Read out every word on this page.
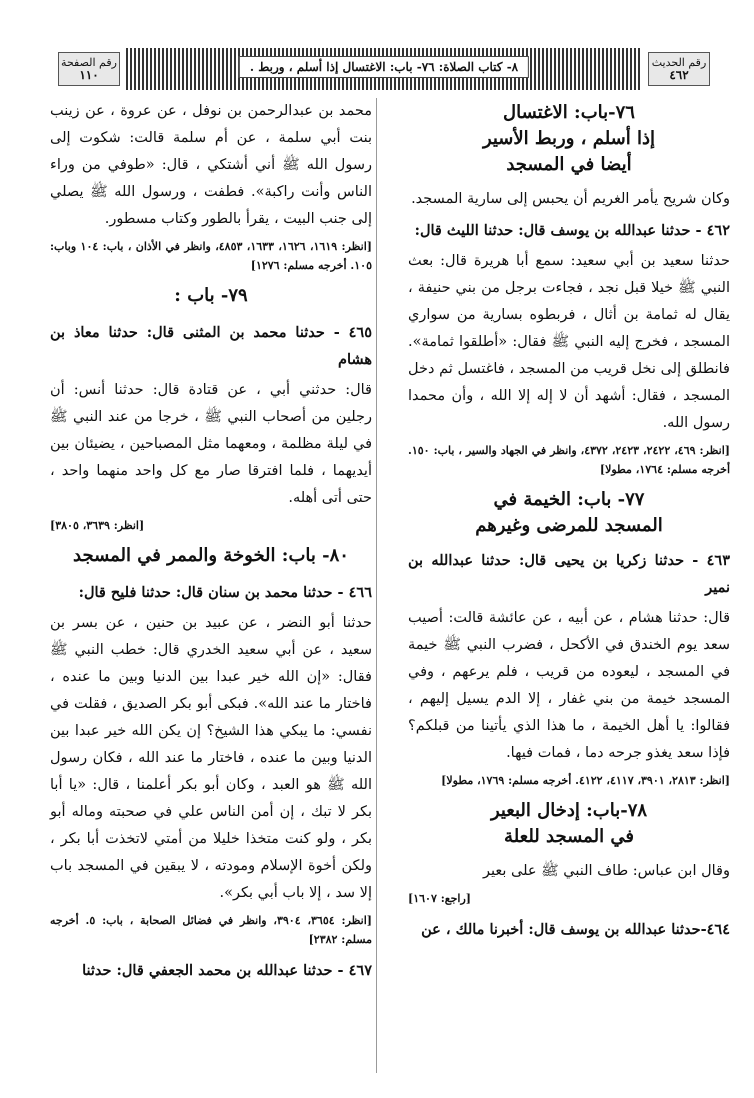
رقم الحديث
٤٦٢
٨- كتاب الصلاة: ٧٦- باب: الاغتسال إذا أسلم ، وربط .
رقم الصفحة
١١٠
٧٦-باب: الاغتسال
إذا أسلم ، وربط الأسير
أيضا في المسجد

وكان شريح يأمر الغريم أن يحبس إلى سارية المسجد.

٤٦٢ - حدثنا عبدالله بن يوسف قال: حدثنا الليث قال:

حدثنا سعيد بن أبي سعيد: سمع أبا هريرة قال: بعث النبي ﷺ خيلا قبل نجد ، فجاءت برجل من بني حنيفة ، يقال له ثمامة بن أثال ، فربطوه بسارية من سواري المسجد ، فخرج إليه النبي ﷺ فقال: «أطلقوا ثمامة». فانطلق إلى نخل قريب من المسجد ، فاغتسل ثم دخل المسجد ، فقال: أشهد أن لا إله إلا الله ، وأن محمدا رسول الله.

[انظر: ٤٦٩، ٢٤٢٢، ٢٤٢٣، ٤٣٧٢، وانظر في الجهاد والسير ، باب: ١٥٠. أخرجه مسلم: ١٧٦٤، مطولا]

٧٧- باب: الخيمة في
المسجد للمرضى وغيرهم

٤٦٣ - حدثنا زكريا بن يحيى قال: حدثنا عبدالله بن نمير

قال: حدثنا هشام ، عن أبيه ، عن عائشة قالت: أصيب سعد يوم الخندق في الأكحل ، فضرب النبي ﷺ خيمة في المسجد ، ليعوده من قريب ، فلم يرعهم ، وفي المسجد خيمة من بني غفار ، إلا الدم يسيل إليهم ، فقالوا: يا أهل الخيمة ، ما هذا الذي يأتينا من قبلكم؟ فإذا سعد يغذو جرحه دما ، فمات فيها.

[انظر: ٢٨١٣، ٣٩٠١، ٤١١٧، ٤١٢٢. أخرجه مسلم: ١٧٦٩، مطولا]

٧٨-باب: إدخال البعير
في المسجد للعلة

وقال ابن عباس: طاف النبي ﷺ على بعير

[راجع: ١٦٠٧]

٤٦٤-حدثنا عبدالله بن يوسف قال: أخبرنا مالك ، عن

محمد بن عبدالرحمن بن نوفل ، عن عروة ، عن زينب بنت أبي سلمة ، عن أم سلمة قالت: شكوت إلى رسول الله ﷺ أني أشتكي ، قال: «طوفي من وراء الناس وأنت راكبة». فطفت ، ورسول الله ﷺ يصلي إلى جنب البيت ، يقرأ بالطور وكتاب مسطور.

[انظر: ١٦١٩، ١٦٢٦، ١٦٣٣، ٤٨٥٣، وانظر في الأذان ، باب: ١٠٤ وباب: ١٠٥. أخرجه مسلم: ١٢٧٦]

٧٩- باب :

٤٦٥ - حدثنا محمد بن المثنى قال: حدثنا معاذ بن هشام

قال: حدثني أبي ، عن قتادة قال: حدثنا أنس: أن رجلين من أصحاب النبي ﷺ ، خرجا من عند النبي ﷺ في ليلة مظلمة ، ومعهما مثل المصباحين ، يضيئان بين أيديهما ، فلما افترقا صار مع كل واحد منهما واحد ، حتى أتى أهله.

[انظر: ٣٦٣٩، ٣٨٠٥]

٨٠- باب: الخوخة والممر في المسجد

٤٦٦ - حدثنا محمد بن سنان قال: حدثنا فليح قال:

حدثنا أبو النضر ، عن عبيد بن حنين ، عن بسر بن سعيد ، عن أبي سعيد الخدري قال: خطب النبي ﷺ فقال: «إن الله خير عبدا بين الدنيا وبين ما عنده ، فاختار ما عند الله». فبكى أبو بكر الصديق ، فقلت في نفسي: ما يبكي هذا الشيخ؟ إن يكن الله خير عبدا بين الدنيا وبين ما عنده ، فاختار ما عند الله ، فكان رسول الله ﷺ هو العبد ، وكان أبو بكر أعلمنا ، قال: «يا أبا بكر لا تبك ، إن أمن الناس علي في صحبته وماله أبو بكر ، ولو كنت متخذا خليلا من أمتي لاتخذت أبا بكر ، ولكن أخوة الإسلام ومودته ، لا يبقين في المسجد باب إلا سد ، إلا باب أبي بكر».

[انظر: ٣٦٥٤، ٣٩٠٤، وانظر في فضائل الصحابة ، باب: ٥. أخرجه مسلم: ٢٣٨٢]

٤٦٧ - حدثنا عبدالله بن محمد الجعفي قال: حدثنا
